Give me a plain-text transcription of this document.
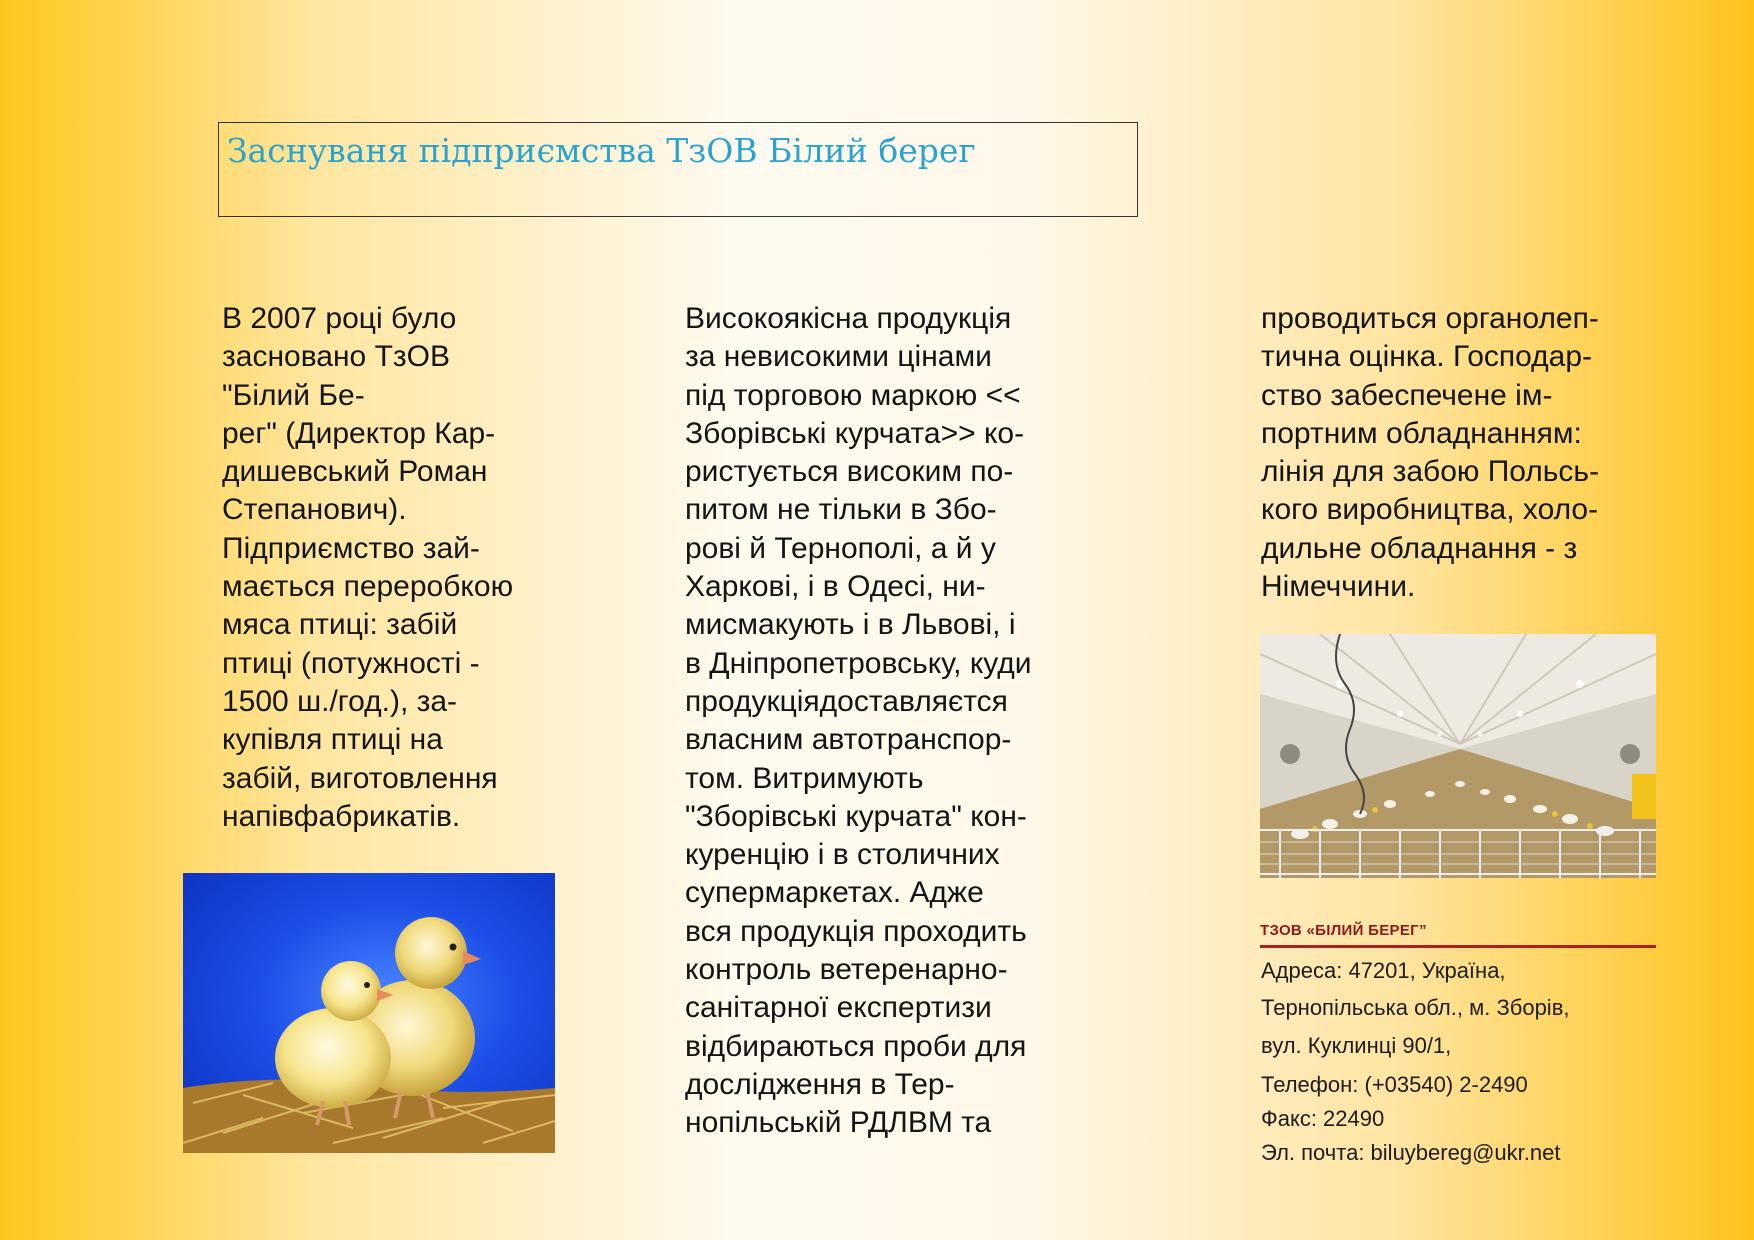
Заснуваня підприємства ТзОВ Білий берег
В 2007 році було
засновано ТзОВ
"Білий Бе-
рег" (Директор Кар-
дишевський Роман
Степанович).
Підприємство зай-
мається переробкою
мяса птиці: забій
птиці (потужності -
1500 ш./год.), за-
купівля птиці на
забій, виготовлення
напівфабрикатів.
Високоякісна продукція
за невисокими цінами
під торговою маркою <<
Зборівські курчата>> ко-
ристується високим по-
питом не тільки в Збо-
рові й Тернополі, а й у
Харкові, і в Одесі, ни-
мисмакують і в Львові, і
в Дніпропетровську, куди
продукціядоставляєтся
власним автотранспор-
том. Витримують
"Зборівські курчата" кон-
куренцію і в столичних
супермаркетах. Адже
вся продукція проходить
контроль ветеренарно-
санітарної експертизи
відбираються проби для
дослідження в Тер-
нопільській РДЛВМ та
проводиться органолеп-
тична оцінка. Господар-
ство забеспечене ім-
портним обладнанням:
лінія для забою Польсь-
кого виробництва, холо-
дильне обладнання - з
Німеччини.
ТЗОВ «БІЛИЙ БЕРЕГ”
Адреса: 47201, Україна,
Тернопільська обл., м. Зборів,
вул. Куклинці 90/1,
Телефон: (+03540) 2-2490
Факс: 22490
Эл. почта: biluybereg@ukr.net
